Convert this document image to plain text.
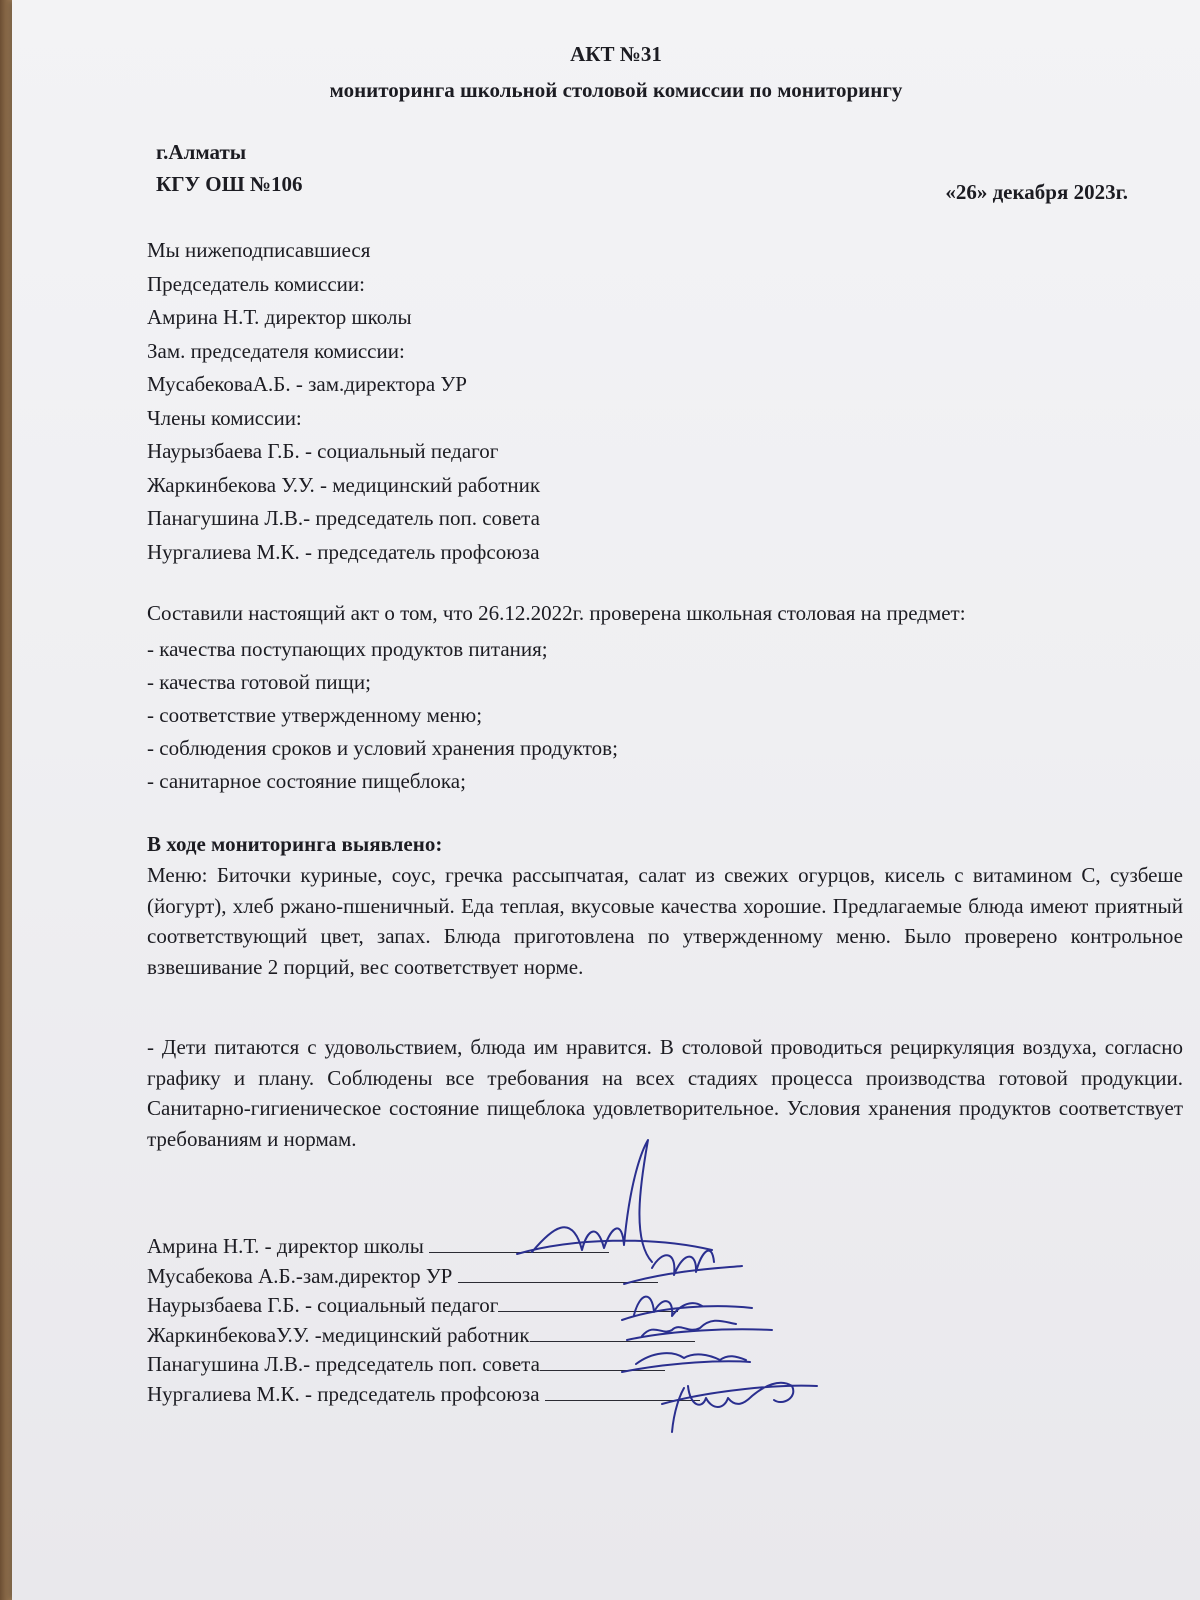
АКТ №31
мониторинга школьной столовой комиссии по мониторингу
г.Алматы
КГУ ОШ №106	«26» декабря 2023г.
Мы нижеподписавшиеся
Председатель комиссии:
Амрина Н.Т. директор школы
Зам. председателя комиссии:
МусабековаА.Б. - зам.директора УР
Члены комиссии:
Наурызбаева Г.Б. - социальный педагог
Жаркинбекова У.У. - медицинский работник
Панагушина Л.В.- председатель поп. совета
Нургалиева М.К. - председатель профсоюза
Составили настоящий акт о том, что 26.12.2022г. проверена школьная столовая на предмет:
- качества поступающих продуктов питания;
- качества готовой пищи;
- соответствие утвержденному меню;
- соблюдения сроков и условий хранения продуктов;
- санитарное состояние пищеблока;
В ходе мониторинга выявлено:

Меню: Биточки куриные, соус, гречка рассыпчатая, салат из свежих огурцов, кисель с витамином С, сузбеше (йогурт), хлеб ржано-пшеничный. Еда теплая, вкусовые качества хорошие. Предлагаемые блюда имеют приятный соответствующий цвет, запах. Блюда приготовлена по утвержденному меню. Было проверено контрольное взвешивание 2 порций, вес соответствует норме.

- Дети питаются с удовольствием, блюда им нравится. В столовой проводиться рециркуляция воздуха, согласно графику и плану. Соблюдены все требования на всех стадиях процесса производства готовой продукции. Санитарно-гигиеническое состояние пищеблока удовлетворительное. Условия хранения продуктов соответствует требованиям и нормам.

Амрина Н.Т. - директор школы
Мусабекова А.Б.-зам.директор УР
Наурызбаева Г.Б. - социальный педагог
ЖаркинбековаУ.У. -медицинский работник
Панагушина Л.В.- председатель поп. совета
Нургалиева М.К. - председатель профсоюза
